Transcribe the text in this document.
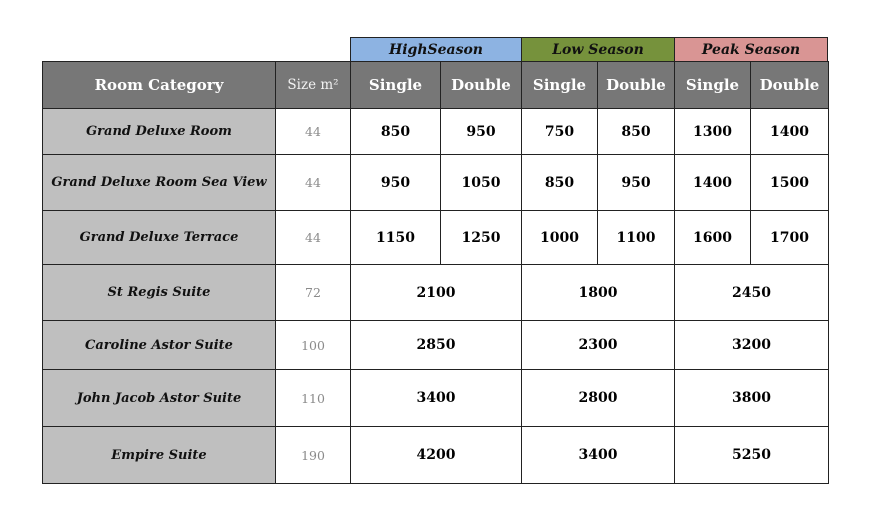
HighSeason	Low Season	Peak Season
Room Category	Size m²	Single	Double	Single	Double	Single	Double
Grand Deluxe Room	44	850	950	750	850	1300	1400
Grand Deluxe Room Sea View	44	950	1050	850	950	1400	1500
Grand Deluxe Terrace	44	1150	1250	1000	1100	1600	1700
St Regis Suite	72	2100		1800		2450	
Caroline Astor Suite	100	2850		2300		3200	
John Jacob Astor Suite	110	3400		2800		3800	
Empire Suite	190	4200		3400		5250	
